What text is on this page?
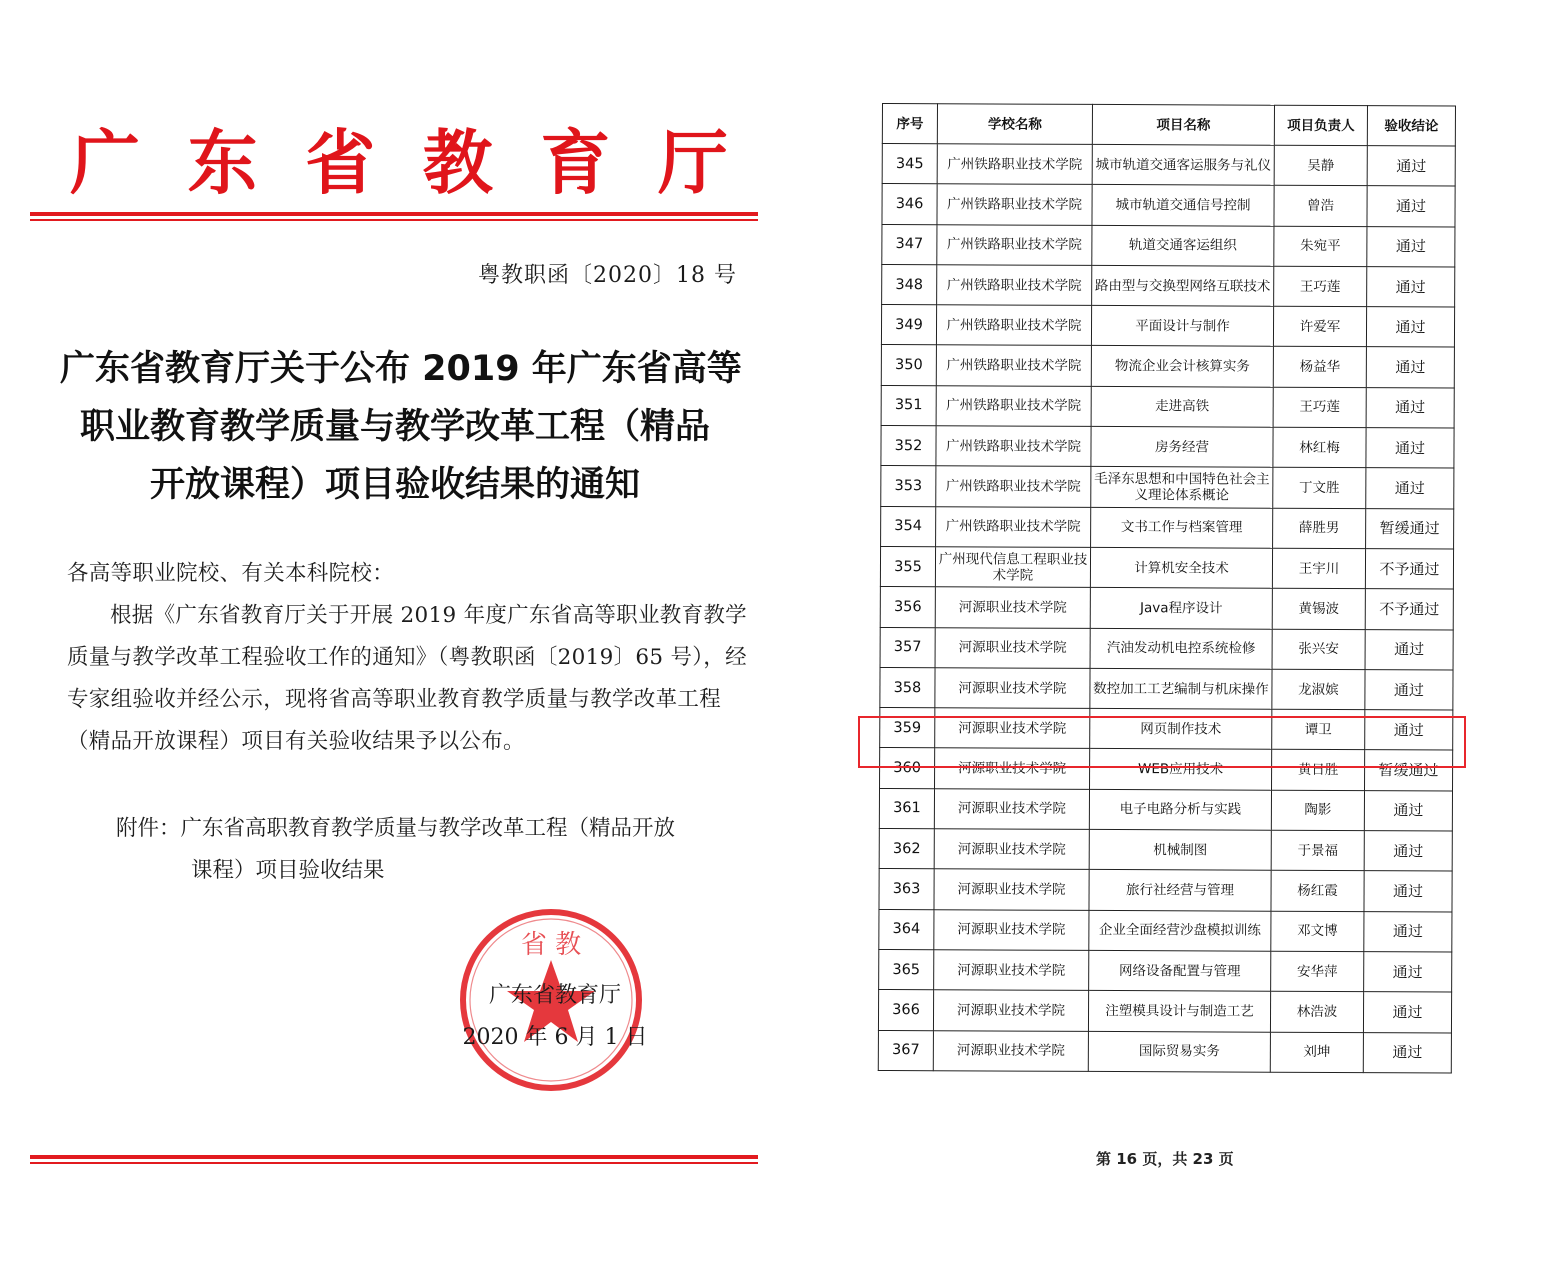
广 东 省 教 育 厅
粤教职函〔2020〕18 号
广东省教育厅关于公布 2019 年广东省高等
职业教育教学质量与教学改革工程（精品
开放课程）项目验收结果的通知
各高等职业院校、有关本科院校：
根据《广东省教育厅关于开展 2019 年度广东省高等职业教育教学质量与教学改革工程验收工作的通知》（粤教职函〔2019〕65 号），经专家组验收并经公示，现将省高等职业教育教学质量与教学改革工程（精品开放课程）项目有关验收结果予以公布。
附件：广东省高职教育教学质量与教学改革工程（精品开放
课程）项目验收结果
省 教
广东省教育厅
2020 年 6 月 1 日
序号	学校名称	项目名称	项目负责人	验收结论
345	广州铁路职业技术学院	城市轨道交通客运服务与礼仪	吴静	通过
346	广州铁路职业技术学院	城市轨道交通信号控制	曾浩	通过
347	广州铁路职业技术学院	轨道交通客运组织	朱宛平	通过
348	广州铁路职业技术学院	路由型与交换型网络互联技术	王巧莲	通过
349	广州铁路职业技术学院	平面设计与制作	许爱军	通过
350	广州铁路职业技术学院	物流企业会计核算实务	杨益华	通过
351	广州铁路职业技术学院	走进高铁	王巧莲	通过
352	广州铁路职业技术学院	房务经营	林红梅	通过
353	广州铁路职业技术学院	毛泽东思想和中国特色社会主义理论体系概论	丁文胜	通过
354	广州铁路职业技术学院	文书工作与档案管理	薛胜男	暂缓通过
355	广州现代信息工程职业技术学院	计算机安全技术	王宇川	不予通过
356	河源职业技术学院	Java程序设计	黄锡波	不予通过
357	河源职业技术学院	汽油发动机电控系统检修	张兴安	通过
358	河源职业技术学院	数控加工工艺编制与机床操作	龙淑嫔	通过
359	河源职业技术学院	网页制作技术	谭卫	通过
360	河源职业技术学院	WEB应用技术	黄日胜	暂缓通过
361	河源职业技术学院	电子电路分析与实践	陶影	通过
362	河源职业技术学院	机械制图	于景福	通过
363	河源职业技术学院	旅行社经营与管理	杨红霞	通过
364	河源职业技术学院	企业全面经营沙盘模拟训练	邓文博	通过
365	河源职业技术学院	网络设备配置与管理	安华萍	通过
366	河源职业技术学院	注塑模具设计与制造工艺	林浩波	通过
367	河源职业技术学院	国际贸易实务	刘坤	通过
第 16 页，共 23 页
